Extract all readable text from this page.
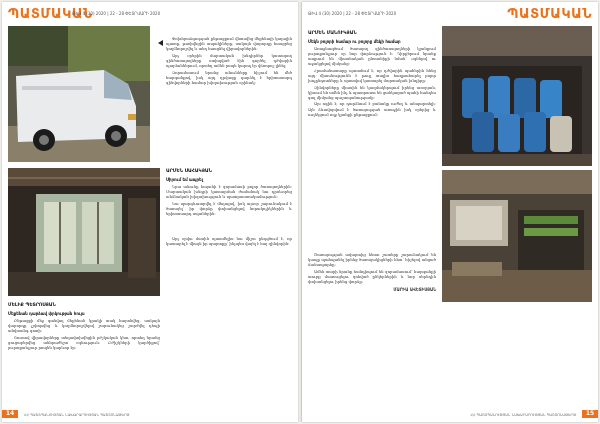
ՊԱՏՄԱԿԱՆ
ԹԻՎ 4 (30) 2020 | 22 - 28 ՓԵՏՐՎԱՐԻ 2020

Փոխհրաձգության ընթացքում վնասվեց մեքենայի կողային պատը, թափվեցին ապակիները, սակայն վարորդը հասցրեց կողմնորոշվել և տեղ հասցնել վիրավորներին:

Այդ օրերին մարտական խնդիրներ կատարող զինծառայողները ստիպված էին գործել դժվարին պայմաններում, որտեղ ամեն րոպե կարող էր վճռորոշ լինել:

Զորամասում նրանց անունները հիշում են մեծ հարգանքով, իսկ այդ դրվագը դարձել է երիտասարդ զինվորների համար խիզախության օրինակ:

ԱՐՄԵՆ ՍԱՀԱԿՅԱՆ

Սիրում եմ ապրել

Նրա անունը հայտնի է զորամասի բոլոր ծառայողներին: Մարտական խնդրի կատարման ժամանակ նա դրսևորեց անձնական խիզախություն և պատրաստակամություն:

Նա պարգևատրվել է մեդալով, իսկ այսօր շարունակում է ծառայել՝ իր փորձը փոխանցելով նորակոչիկներին և երիտասարդ սպաներին:

Այդ օրվա մասին պատմելիս նա միշտ ընդգծում է, որ կատարել է միայն իր պարտքը՝ ինչպես վայել է հայ զինվորին:

ՄԵԼԻՔ ՊԵՏՐՈՍՅԱՆ

Մեքենան դարձավ փրկության հույս

Ընթացքի մեջ գտնվող մեքենան կրակի տակ հայտնվեց, սակայն վարորդը չշփոթվեց և կողմնորոշվելով շարունակեց շարժվել դեպի անվտանգ գոտի:

Շուտով վիրավորները տեղափոխվեցին բժշկական կետ, որտեղ նրանց ցուցաբերվեց անհրաժեշտ օգնություն: Բժիշկների կարծիքով՝ յուրաքանչյուր րոպեն կարևոր էր:

14	ՀՀ ՊԱՇՏՊԱՆՈՒԹՅԱՆ ՆԱԽԱՐԱՐՈՒԹՅԱՆ ՊԱՇՏՈՆԱԹԵՐԹ
ԹԻՎ 4 (30) 2020 | 22 - 28 ՓԵՏՐՎԱՐԻ 2020	ՊԱՏՄԱԿԱՆ

ԱՐՄԵՆ ՄԱՆՈՒԿՅԱՆ

Մեկն բոլորի համար ու բոլորը մեկի համար

Առաջնագծում ծառայող զինծառայողների կյանքում յուրաքանչյուր օր նոր փորձություն է: Դիրքերում նրանք ապրում են միասնական ընտանիքի նման՝ օգնելով ու աջակցելով միմյանց:

Հրամանատարը պատմում է, որ դժվարին պահերին հենց այդ միասնությունն է թույլ տալիս հաղթահարել բոլոր խոչընդոտները և պատվով կատարել մարտական խնդիրը:

Զինվորները միասին են կազմակերպում իրենց առօրյան, կիսում են ամեն ինչ և պատրաստ են ցանկացած պահի հանդես գալ միմյանց պաշտպանությամբ:

Այս ոգին է, որ դարձնում է բանակը ուժեղ և անպարտելի: Այն ձևավորվում է ծառայության առաջին իսկ օրերից և ուղեկցում ողջ կյանքի ընթացքում:

Ծառայության ավարտից հետո շատերը շարունակում են կապը պահպանել իրենց ծառայակիցների հետ՝ հիշելով անցած ճանապարհը:

Ամեն տարի նրանք հանդիպում են զորամասում՝ հարգանքի տուրք մատուցելու զոհված ընկերներին և նոր սերնդին փոխանցելու իրենց փորձը:

ՄԱՐԻԱ ԱՎԵՏԻՍՅԱՆ

ՀՀ ՊԱՇՏՊԱՆՈՒԹՅԱՆ ՆԱԽԱՐԱՐՈՒԹՅԱՆ ՊԱՇՏՈՆԱԹԵՐԹ	15
